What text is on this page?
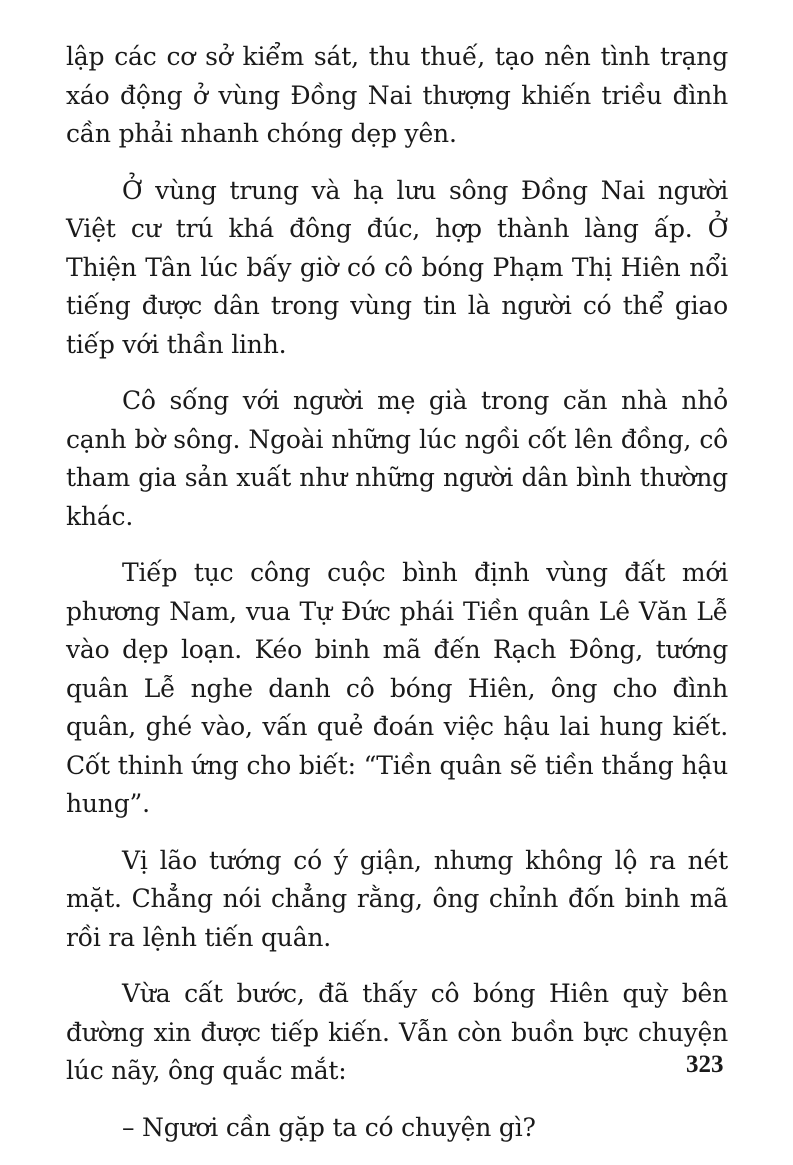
lập các cơ sở kiểm sát, thu thuế, tạo nên tình trạng xáo động ở vùng Đồng Nai thượng khiến triều đình cần phải nhanh chóng dẹp yên.

Ở vùng trung và hạ lưu sông Đồng Nai người Việt cư trú khá đông đúc, hợp thành làng ấp. Ở Thiện Tân lúc bấy giờ có cô bóng Phạm Thị Hiên nổi tiếng được dân trong vùng tin là người có thể giao tiếp với thần linh.

Cô sống với người mẹ già trong căn nhà nhỏ cạnh bờ sông. Ngoài những lúc ngồi cốt lên đồng, cô tham gia sản xuất như những người dân bình thường khác.

Tiếp tục công cuộc bình định vùng đất mới phương Nam, vua Tự Đức phái Tiền quân Lê Văn Lễ vào dẹp loạn. Kéo binh mã đến Rạch Đông, tướng quân Lễ nghe danh cô bóng Hiên, ông cho đình quân, ghé vào, vấn quẻ đoán việc hậu lai hung kiết. Cốt thinh ứng cho biết: “Tiền quân sẽ tiền thắng hậu hung”.

Vị lão tướng có ý giận, nhưng không lộ ra nét mặt. Chẳng nói chẳng rằng, ông chỉnh đốn binh mã rồi ra lệnh tiến quân.

Vừa cất bước, đã thấy cô bóng Hiên quỳ bên đường xin được tiếp kiến. Vẫn còn buồn bực chuyện lúc nãy, ông quắc mắt:

– Ngươi cần gặp ta có chuyện gì?

323
